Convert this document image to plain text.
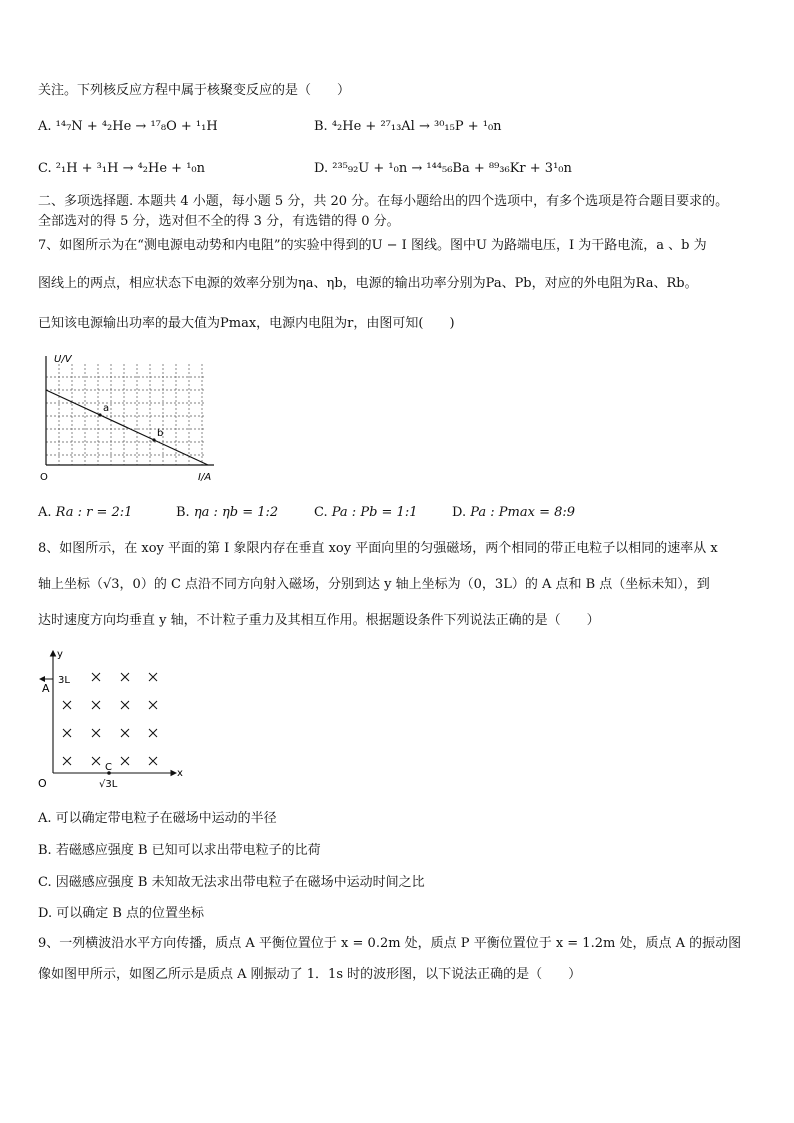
关注。下列核反应方程中属于核聚变反应的是（　　）
A. ¹⁴₇N + ⁴₂He → ¹⁷₈O + ¹₁H	B. ⁴₂He + ²⁷₁₃Al → ³⁰₁₅P + ¹₀n
C. ²₁H + ³₁H → ⁴₂He + ¹₀n	D. ²³⁵₉₂U + ¹₀n → ¹⁴⁴₅₆Ba + ⁸⁹₃₆Kr + 3¹₀n
二、多项选择题. 本题共 4 小题，每小题 5 分，共 20 分。在每小题给出的四个选项中，有多个选项是符合题目要求的。
全部选对的得 5 分，选对但不全的得 3 分，有选错的得 0 分。
7、如图所示为在“测电源电动势和内电阻”的实验中得到的U − I 图线。图中U 为路端电压，I 为干路电流，a 、b 为
图线上的两点，相应状态下电源的效率分别为ηa、ηb，电源的输出功率分别为Pa、Pb，对应的外电阻为Ra、Rb。
已知该电源输出功率的最大值为Pmax，电源内电阻为r，由图可知(　　)
a
b
U/V
I/A
O
A. Ra : r = 2:1	B. ηa : ηb = 1:2	C. Pa : Pb = 1:1	D. Pa : Pmax = 8:9
8、如图所示，在 xoy 平面的第 I 象限内存在垂直 xoy 平面向里的匀强磁场，两个相同的带正电粒子以相同的速率从 x
轴上坐标（√3，0）的 C 点沿不同方向射入磁场，分别到达 y 轴上坐标为（0，3L）的 A 点和 B 点（坐标未知），到
达时速度方向均垂直 y 轴，不计粒子重力及其相互作用。根据题设条件下列说法正确的是（　　）
y
x
O
A
3L
C
√3L
A. 可以确定带电粒子在磁场中运动的半径
B. 若磁感应强度 B 已知可以求出带电粒子的比荷
C. 因磁感应强度 B 未知故无法求出带电粒子在磁场中运动时间之比
D. 可以确定 B 点的位置坐标
9、一列横波沿水平方向传播，质点 A 平衡位置位于 x = 0.2m 处，质点 P 平衡位置位于 x = 1.2m 处，质点 A 的振动图
像如图甲所示，如图乙所示是质点 A 刚振动了 1．1s 时的波形图，以下说法正确的是（　　）
